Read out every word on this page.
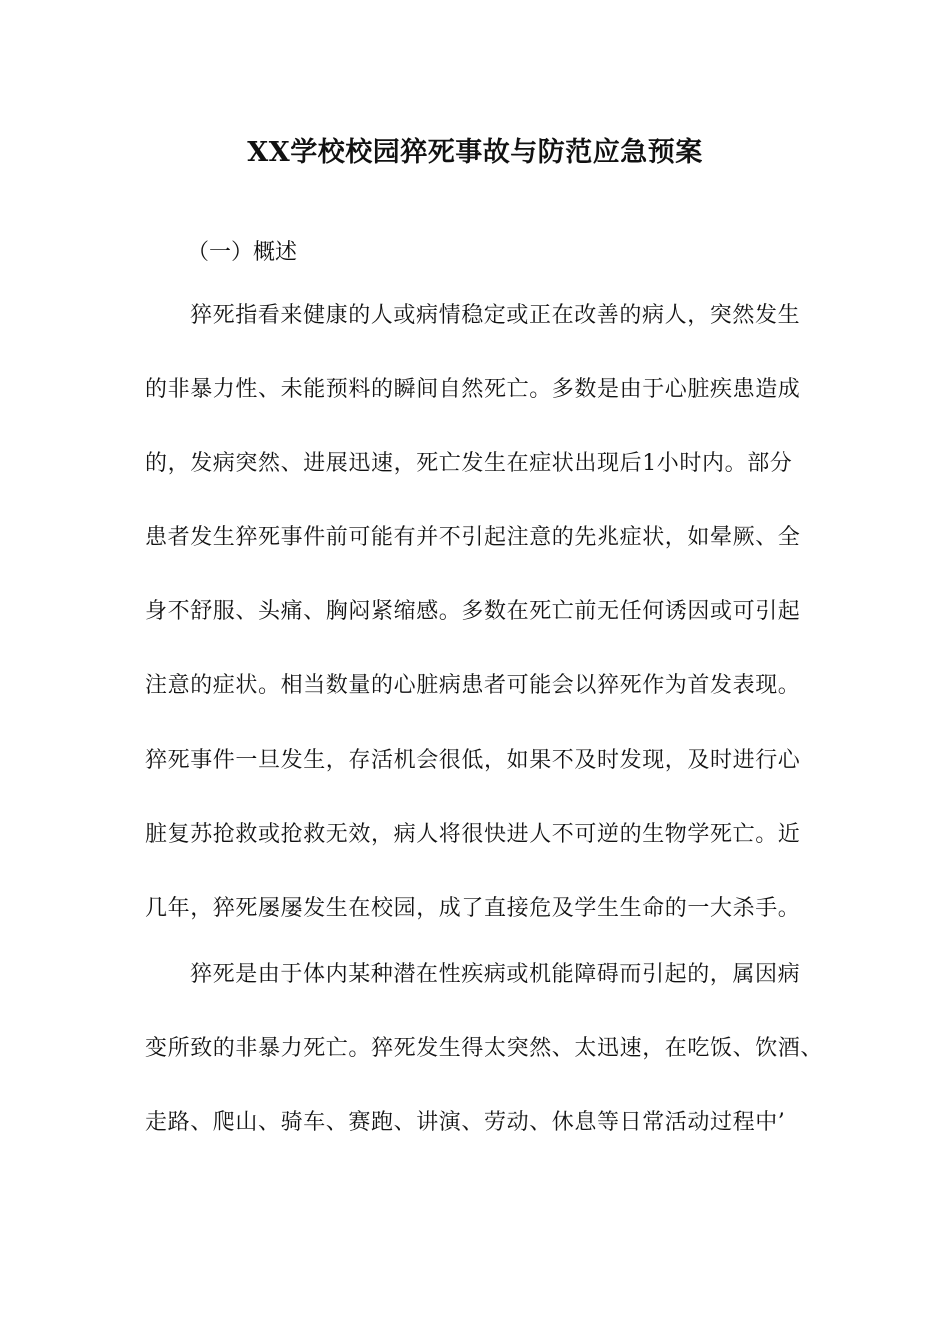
XX学校校园猝死事故与防范应急预案
（一）概述
猝死指看来健康的人或病情稳定或正在改善的病人，突然发生
的非暴力性、未能预料的瞬间自然死亡。多数是由于心脏疾患造成
的，发病突然、进展迅速，死亡发生在症状出现后1小时内。部分
患者发生猝死事件前可能有并不引起注意的先兆症状，如晕厥、全
身不舒服、头痛、胸闷紧缩感。多数在死亡前无任何诱因或可引起
注意的症状。相当数量的心脏病患者可能会以猝死作为首发表现。
猝死事件一旦发生，存活机会很低，如果不及时发现，及时进行心
脏复苏抢救或抢救无效，病人将很快进人不可逆的生物学死亡。近
几年，猝死屡屡发生在校园，成了直接危及学生生命的一大杀手。
猝死是由于体内某种潜在性疾病或机能障碍而引起的，属因病
变所致的非暴力死亡。猝死发生得太突然、太迅速，在吃饭、饮酒、
走路、爬山、骑车、赛跑、讲演、劳动、休息等日常活动过程中’
